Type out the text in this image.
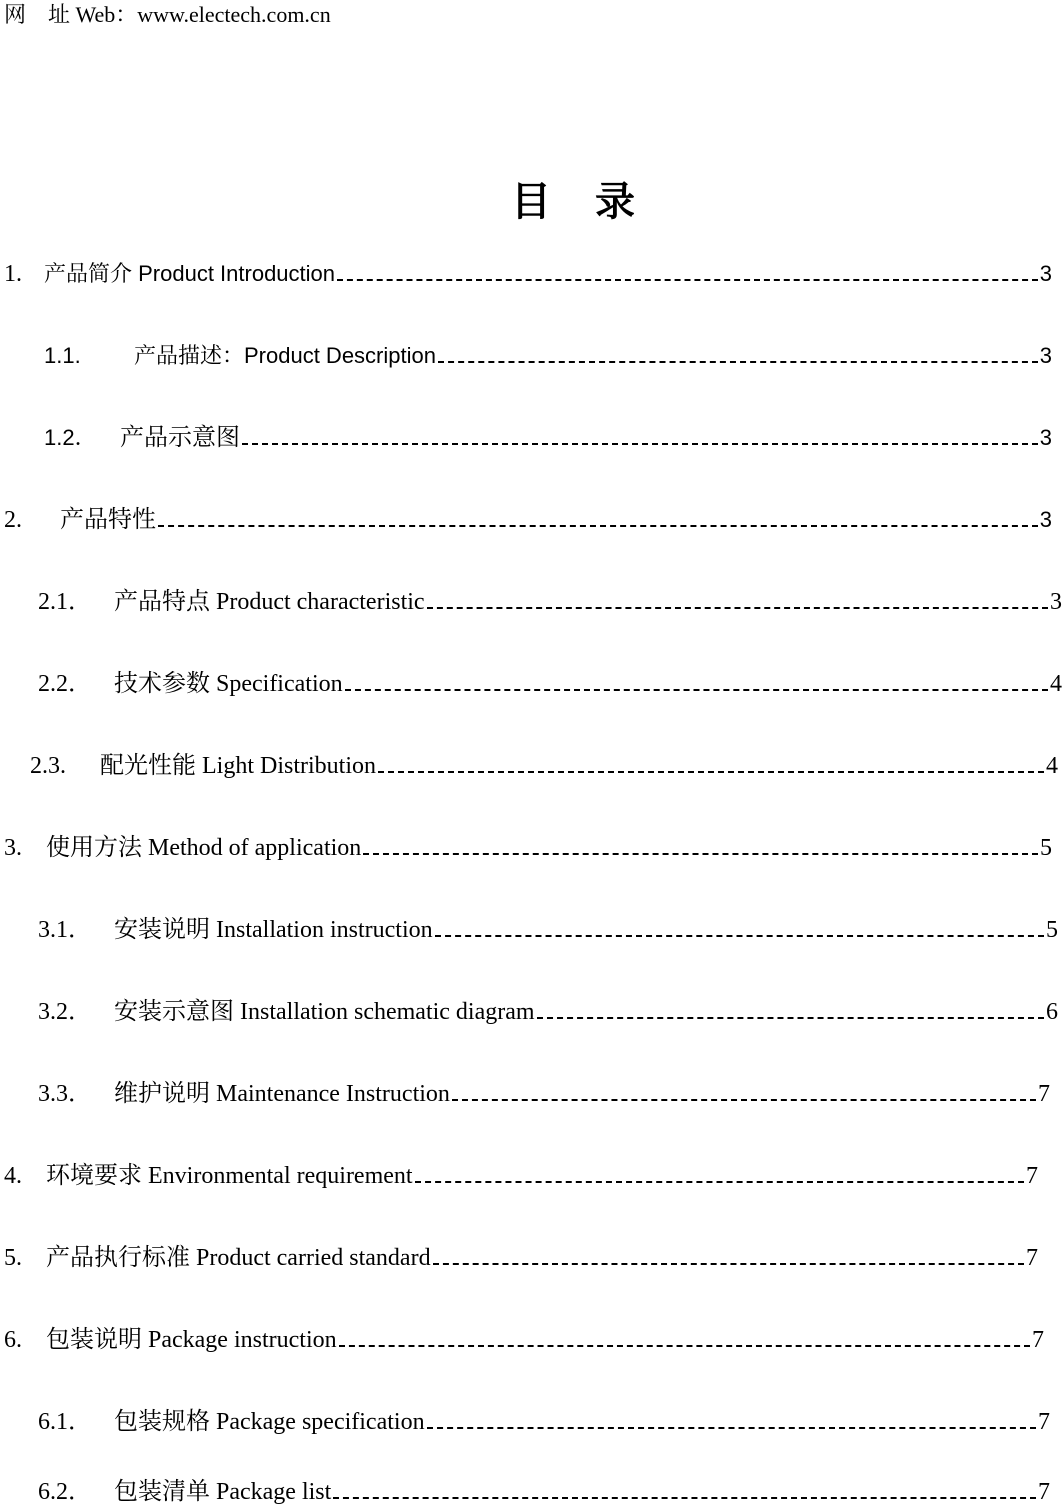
网　址 Web：www.electech.com.cn
目录
1.	产品简介 Product Introduction	3
1.1.	产品描述：Product Description	3
1.2． 产品示意图	3
2.	产品特性	3
2.1． 产品特点 Product characteristic	3
2.2． 技术参数 Specification	4
2.3.	配光性能 Light Distribution	4
3.	使用方法 Method of application	5
3.1． 安装说明 Installation instruction	5
3.2． 安装示意图 Installation schematic diagram	6
3.3． 维护说明 Maintenance Instruction	7
4.	环境要求 Environmental requirement	7
5.	产品执行标准 Product carried standard	7
6.	包装说明 Package instruction	7
6.1． 包装规格 Package specification	7
6.2． 包装清单 Package list	7
